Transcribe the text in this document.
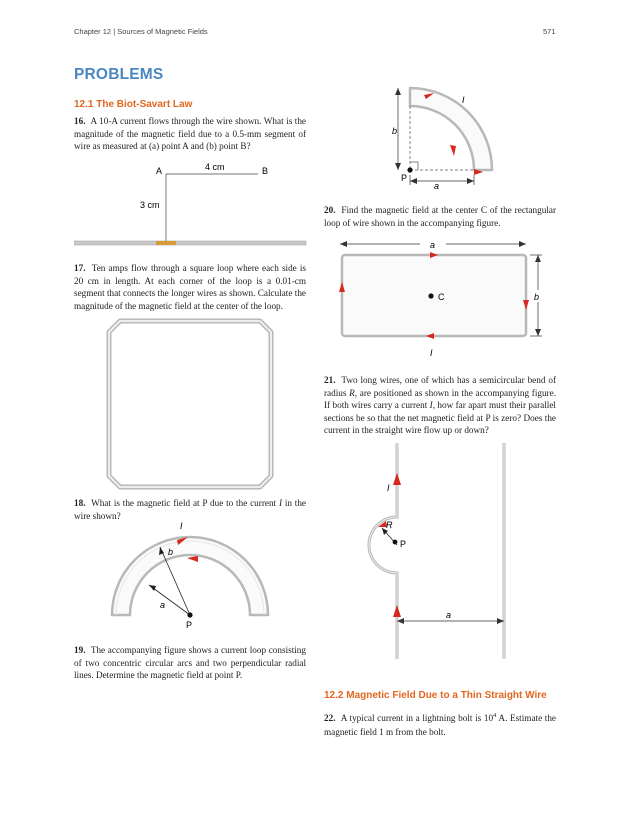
Chapter 12 | Sources of Magnetic Fields	571
PROBLEMS
12.1 The Biot-Savart Law
16. A 10-A current flows through the wire shown. What is the magnitude of the magnetic field due to a 0.5-mm segment of wire as measured at (a) point A and (b) point B?
A	B
4 cm
3 cm
17. Ten amps flow through a square loop where each side is 20 cm in length. At each corner of the loop is a 0.01-cm segment that connects the longer wires as shown. Calculate the magnitude of the magnetic field at the center of the loop.
18. What is the magnetic field at P due to the current I in the wire shown?
I
b
a
P
19. The accompanying figure shows a current loop consisting of two concentric circular arcs and two perpendicular radial lines. Determine the magnetic field at point P.
b
I
P
a
20. Find the magnetic field at the center C of the rectangular loop of wire shown in the accompanying figure.
a
C	b
I
21. Two long wires, one of which has a semicircular bend of radius R, are positioned as shown in the accompanying figure. If both wires carry a current I, how far apart must their parallel sections be so that the net magnetic field at P is zero? Does the current in the straight wire flow up or down?
I
R
P
a
12.2 Magnetic Field Due to a Thin Straight Wire
22. A typical current in a lightning bolt is $10^4$ A. Estimate the magnetic field 1 m from the bolt.
